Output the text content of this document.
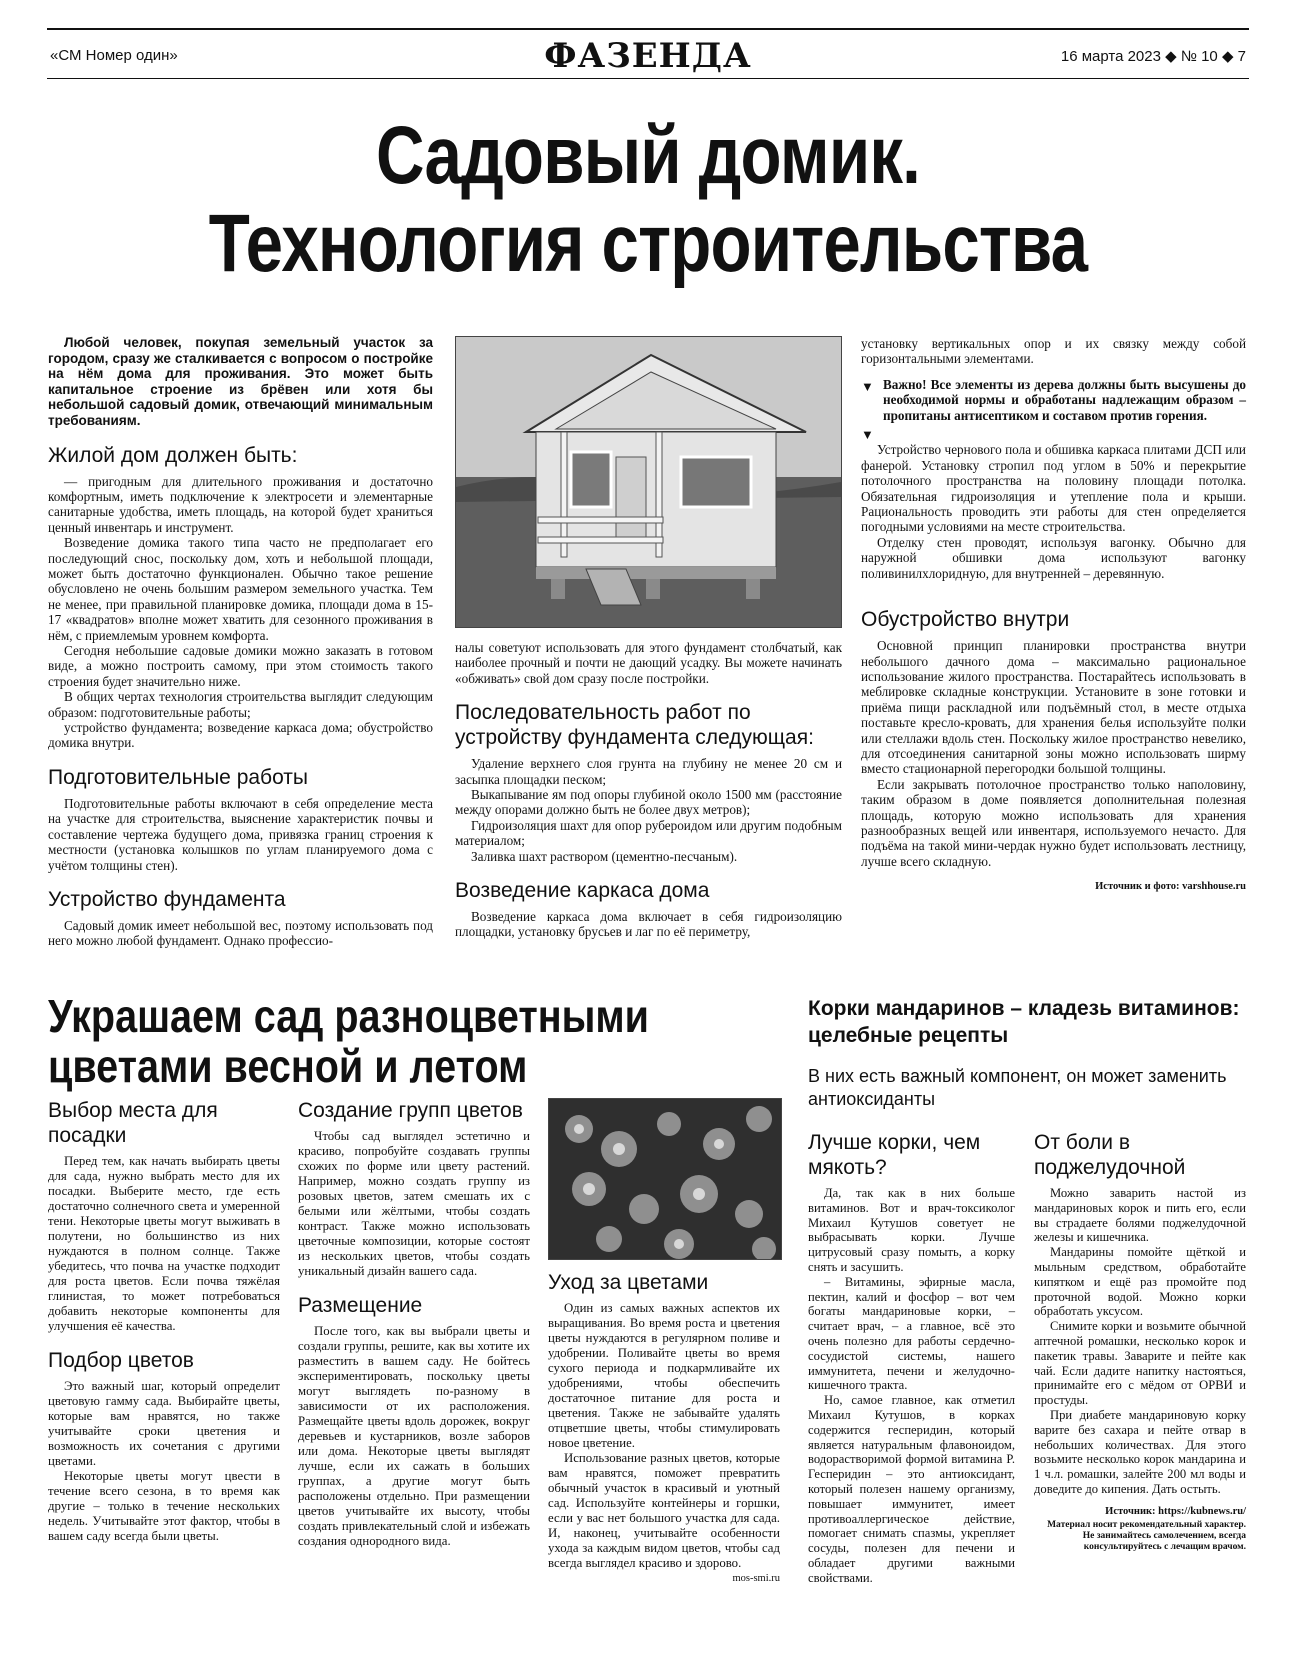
«СМ Номер один»	ФАЗЕНДА	16 марта 2023 ◆ № 10 ◆ 7
Садовый домик.
Технология строительства

Любой человек, покупая земельный участок за городом, сразу же сталкивается с вопросом о постройке на нём дома для проживания. Это может быть капитальное строение из брёвен или хотя бы небольшой садовый домик, отвечающий минимальным требованиям.

Жилой дом должен быть:

— пригодным для длительного проживания и достаточно комфортным, иметь подключение к электросети и элементарные санитарные удобства, иметь площадь, на которой будет храниться ценный инвентарь и инструмент.

Возведение домика такого типа часто не предполагает его последующий снос, поскольку дом, хоть и небольшой площади, может быть достаточно функционален. Обычно такое решение обусловлено не очень большим размером земельного участка. Тем не менее, при правильной планировке домика, площади дома в 15-17 «квадратов» вполне может хватить для сезонного проживания в нём, с приемлемым уровнем комфорта.

Сегодня небольшие садовые домики можно заказать в готовом виде, а можно построить самому, при этом стоимость такого строения будет значительно ниже.

В общих чертах технология строительства выглядит следующим образом: подготовительные работы;

устройство фундамента; возведение каркаса дома; обустройство домика внутри.

Подготовительные работы

Подготовительные работы включают в себя определение места на участке для строительства, выяснение характеристик почвы и составление чертежа будущего дома, привязка границ строения к местности (установка колышков по углам планируемого дома с учётом толщины стен).

Устройство фундамента

Садовый домик имеет небольшой вес, поэтому использовать под него можно любой фундамент. Однако профессио-

налы советуют использовать для этого фундамент столбчатый, как наиболее прочный и почти не дающий усадку. Вы можете начинать «обживать» свой дом сразу после постройки.

Последовательность работ по устройству фундамента следующая:

Удаление верхнего слоя грунта на глубину не менее 20 см и засыпка площадки песком;

Выкапывание ям под опоры глубиной около 1500 мм (расстояние между опорами должно быть не более двух метров);

Гидроизоляция шахт для опор рубероидом или другим подобным материалом;

Заливка шахт раствором (цементно-песчаным).

Возведение каркаса дома

Возведение каркаса дома включает в себя гидроизоляцию площадки, установку брусьев и лаг по её периметру,

установку вертикальных опор и их связку между собой горизонтальными элементами.

▼ Важно! Все элементы из дерева должны быть высушены до необходимой нормы и обработаны надлежащим образом – пропитаны антисептиком и составом против горения.
▼

Устройство чернового пола и обшивка каркаса плитами ДСП или фанерой. Установку стропил под углом в 50% и перекрытие потолочного пространства на половину площади потолка. Обязательная гидроизоляция и утепление пола и крыши. Рациональность проводить эти работы для стен определяется погодными условиями на месте строительства.

Отделку стен проводят, используя вагонку. Обычно для наружной обшивки дома используют вагонку поливинилхлоридную, для внутренней – деревянную.

Обустройство внутри

Основной принцип планировки пространства внутри небольшого дачного дома – максимально рациональное использование жилого пространства. Постарайтесь использовать в меблировке складные конструкции. Установите в зоне готовки и приёма пищи раскладной или подъёмный стол, в месте отдыха поставьте кресло-кровать, для хранения белья используйте полки или стеллажи вдоль стен. Поскольку жилое пространство невелико, для отсоединения санитарной зоны можно использовать ширму вместо стационарной перегородки большой толщины.

Если закрывать потолочное пространство только наполовину, таким образом в доме появляется дополнительная полезная площадь, которую можно использовать для хранения разнообразных вещей или инвентаря, используемого нечасто. Для подъёма на такой мини-чердак нужно будет использовать лестницу, лучше всего складную.

Источник и фото: varshhouse.ru
Украшаем сад разноцветными
цветами весной и летом
Выбор места для посадки

Перед тем, как начать выбирать цветы для сада, нужно выбрать место для их посадки. Выберите место, где есть достаточно солнечного света и умеренной тени. Некоторые цветы могут выживать в полутени, но большинство из них нуждаются в полном солнце. Также убедитесь, что почва на участке подходит для роста цветов. Если почва тяжёлая глинистая, то может потребоваться добавить некоторые компоненты для улучшения её качества.

Подбор цветов

Это важный шаг, который определит цветовую гамму сада. Выбирайте цветы, которые вам нравятся, но также учитывайте сроки цветения и возможность их сочетания с другими цветами.

Некоторые цветы могут цвести в течение всего сезона, в то время как другие – только в течение нескольких недель. Учитывайте этот фактор, чтобы в вашем саду всегда были цветы.

Создание групп цветов

Чтобы сад выглядел эстетично и красиво, попробуйте создавать группы схожих по форме или цвету растений. Например, можно создать группу из розовых цветов, затем смешать их с белыми или жёлтыми, чтобы создать контраст. Также можно использовать цветочные композиции, которые состоят из нескольких цветов, чтобы создать уникальный дизайн вашего сада.

Размещение

После того, как вы выбрали цветы и создали группы, решите, как вы хотите их разместить в вашем саду. Не бойтесь экспериментировать, поскольку цветы могут выглядеть по-разному в зависимости от их расположения. Размещайте цветы вдоль дорожек, вокруг деревьев и кустарников, возле заборов или дома. Некоторые цветы выглядят лучше, если их сажать в больших группах, а другие могут быть расположены отдельно. При размещении цветов учитывайте их высоту, чтобы создать привлекательный слой и избежать создания однородного вида.

Уход за цветами

Один из самых важных аспектов их выращивания. Во время роста и цветения цветы нуждаются в регулярном поливе и удобрении. Поливайте цветы во время сухого периода и подкармливайте их удобрениями, чтобы обеспечить достаточное питание для роста и цветения. Также не забывайте удалять отцветшие цветы, чтобы стимулировать новое цветение.

Использование разных цветов, которые вам нравятся, поможет превратить обычный участок в красивый и уютный сад. Используйте контейнеры и горшки, если у вас нет большого участка для сада. И, наконец, учитывайте особенности ухода за каждым видом цветов, чтобы сад всегда выглядел красиво и здорово.

mos-smi.ru
Корки мандаринов – кладезь витаминов:
целебные рецепты
В них есть важный компонент, он может заменить антиоксиданты
Лучше корки, чем мякоть?

Да, так как в них больше витаминов. Вот и врач-токсиколог Михаил Кутушов советует не выбрасывать корки. Лучше цитрусовый сразу помыть, а корку снять и засушить.

– Витамины, эфирные масла, пектин, калий и фосфор – вот чем богаты мандариновые корки, – считает врач, – а главное, всё это очень полезно для работы сердечно-сосудистой системы, нашего иммунитета, печени и желудочно-кишечного тракта.

Но, самое главное, как отметил Михаил Кутушов, в корках содержится гесперидин, который является натуральным флавоноидом, водорастворимой формой витамина Р. Гесперидин – это антиоксидант, который полезен нашему организму, повышает иммунитет, имеет противоаллергическое действие, помогает снимать спазмы, укрепляет сосуды, полезен для печени и обладает другими важными свойствами.

От боли в поджелудочной

Можно заварить настой из мандариновых корок и пить его, если вы страдаете болями поджелудочной железы и кишечника.

Мандарины помойте щёткой и мыльным средством, обработайте кипятком и ещё раз промойте под проточной водой. Можно корки обработать уксусом.

Снимите корки и возьмите обычной аптечной ромашки, несколько корок и пакетик травы. Заварите и пейте как чай. Если дадите напитку настояться, принимайте его с мёдом от ОРВИ и простуды.

При диабете мандариновую корку варите без сахара и пейте отвар в небольших количествах. Для этого возьмите несколько корок мандарина и 1 ч.л. ромашки, залейте 200 мл воды и доведите до кипения. Дать остыть.

Источник: https://kubnews.ru/
Материал носит рекомендательный характер. Не занимайтесь самолечением, всегда консультируйтесь с лечащим врачом.
